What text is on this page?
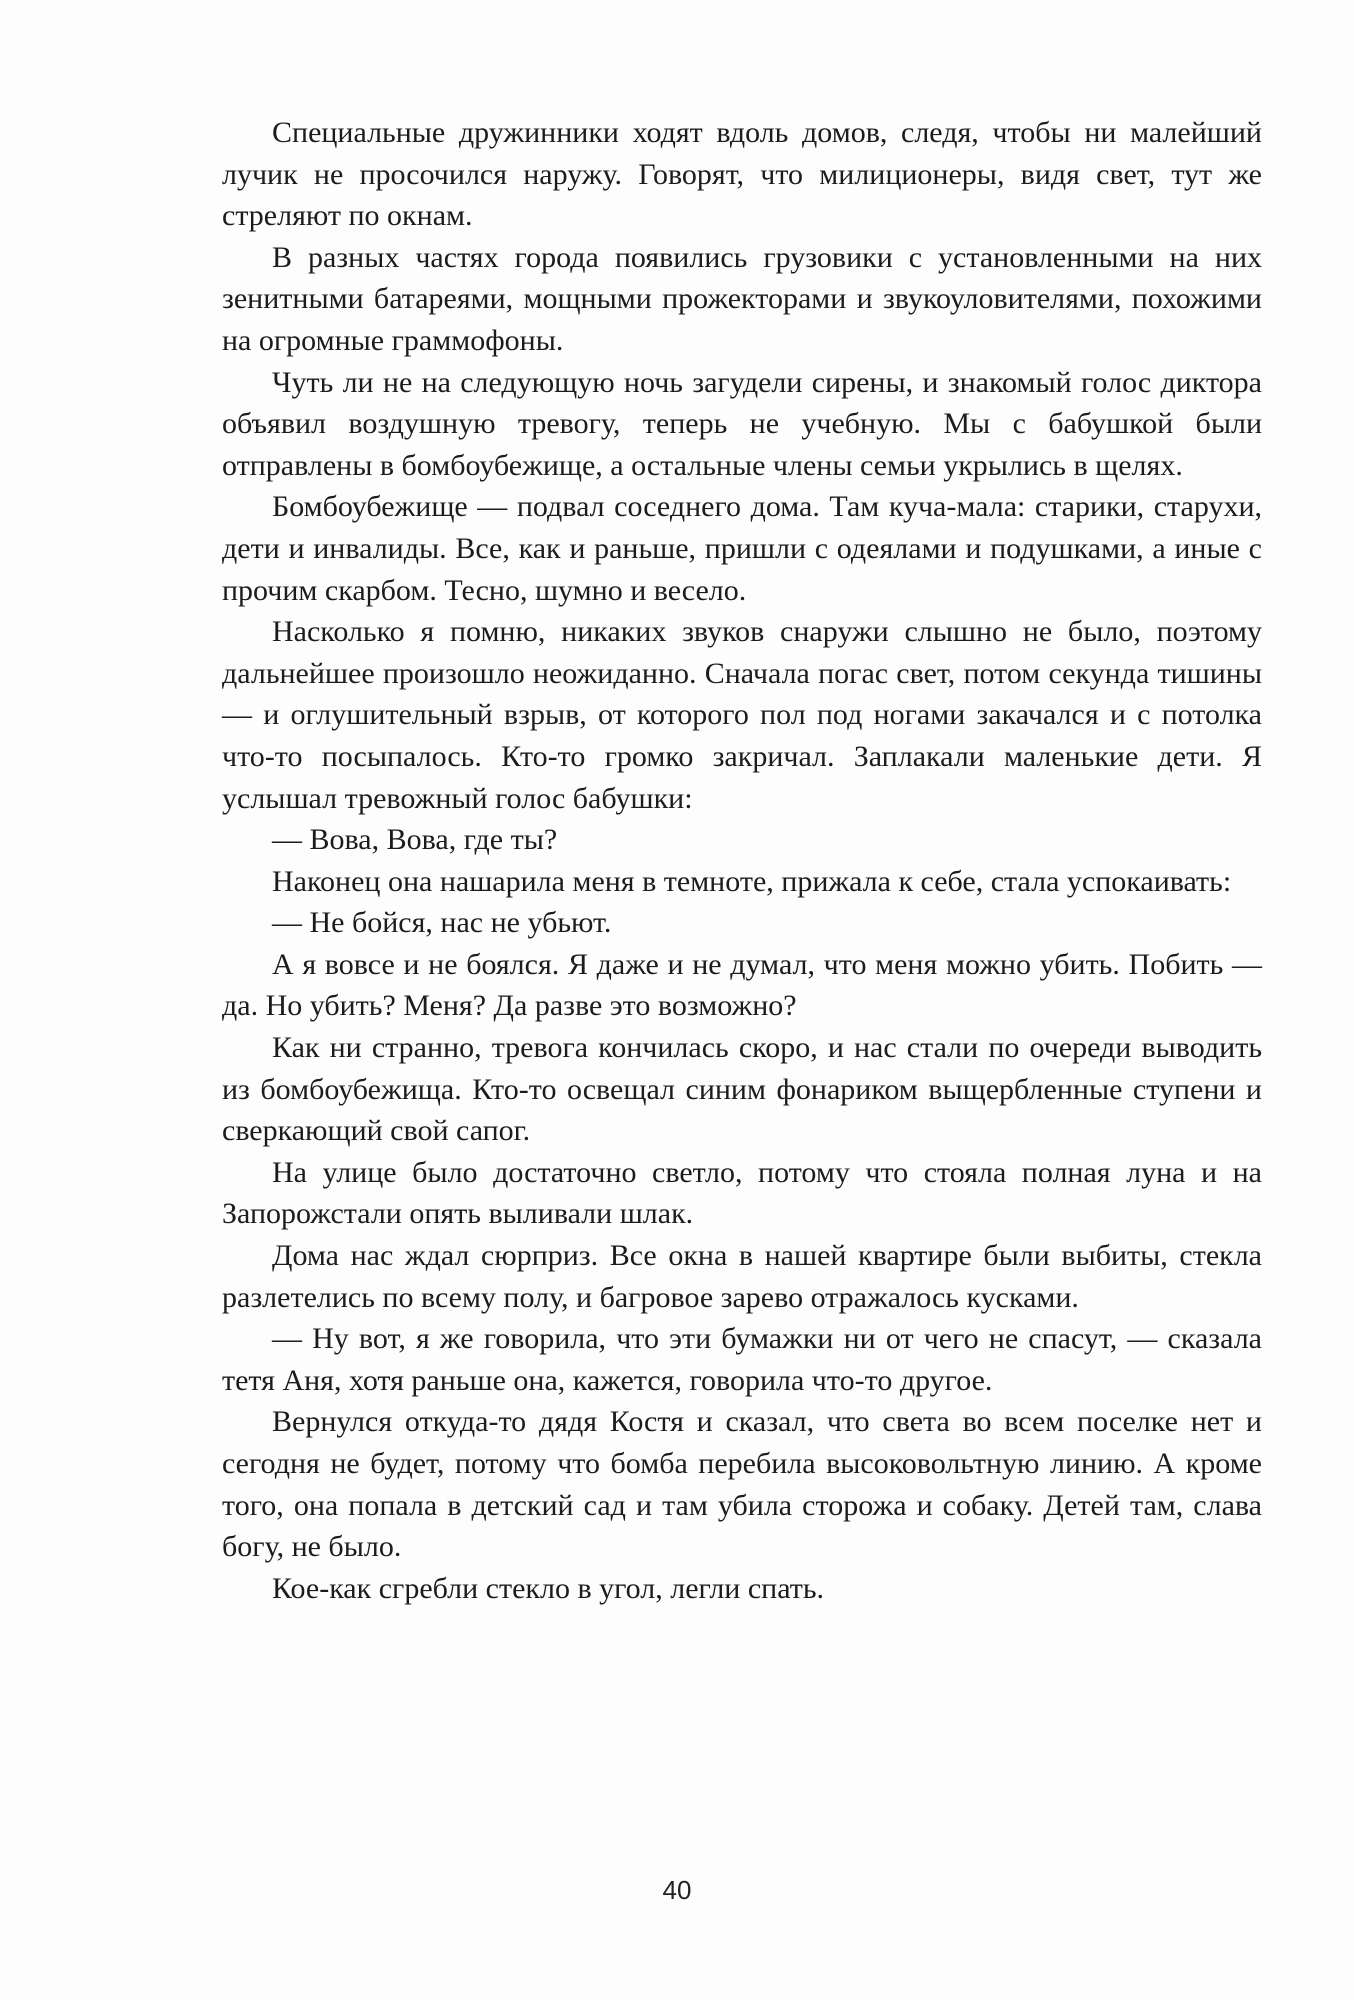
Специальные дружинники ходят вдоль домов, следя, чтобы ни малейший лучик не просочился наружу. Говорят, что милиционеры, видя свет, тут же стреляют по окнам.

В разных частях города появились грузовики с установленными на них зенитными батареями, мощными прожекторами и звукоуловителями, похожими на огромные граммофоны.

Чуть ли не на следующую ночь загудели сирены, и знакомый голос диктора объявил воздушную тревогу, теперь не учебную. Мы с бабушкой были отправлены в бомбоубежище, а остальные члены семьи укрылись в щелях.

Бомбоубежище — подвал соседнего дома. Там куча-мала: старики, старухи, дети и инвалиды. Все, как и раньше, пришли с одеялами и подушками, а иные с прочим скарбом. Тесно, шумно и весело.

Насколько я помню, никаких звуков снаружи слышно не было, поэтому дальнейшее произошло неожиданно. Сначала погас свет, потом секунда тишины — и оглушительный взрыв, от которого пол под ногами закачался и с потолка что-то посыпалось. Кто-то громко закричал. Заплакали маленькие дети. Я услышал тревожный голос бабушки:

— Вова, Вова, где ты?

Наконец она нашарила меня в темноте, прижала к себе, стала успокаивать:

— Не бойся, нас не убьют.

А я вовсе и не боялся. Я даже и не думал, что меня можно убить. Побить — да. Но убить? Меня? Да разве это возможно?

Как ни странно, тревога кончилась скоро, и нас стали по очереди выводить из бомбоубежища. Кто-то освещал синим фонариком выщербленные ступени и сверкающий свой сапог.

На улице было достаточно светло, потому что стояла полная луна и на Запорожстали опять выливали шлак.

Дома нас ждал сюрприз. Все окна в нашей квартире были выбиты, стекла разлетелись по всему полу, и багровое зарево отражалось кусками.

— Ну вот, я же говорила, что эти бумажки ни от чего не спасут, — сказала тетя Аня, хотя раньше она, кажется, говорила что-то другое.

Вернулся откуда-то дядя Костя и сказал, что света во всем поселке нет и сегодня не будет, потому что бомба перебила высоковольтную линию. А кроме того, она попала в детский сад и там убила сторожа и собаку. Детей там, слава богу, не было.

Кое-как сгребли стекло в угол, легли спать.

40
